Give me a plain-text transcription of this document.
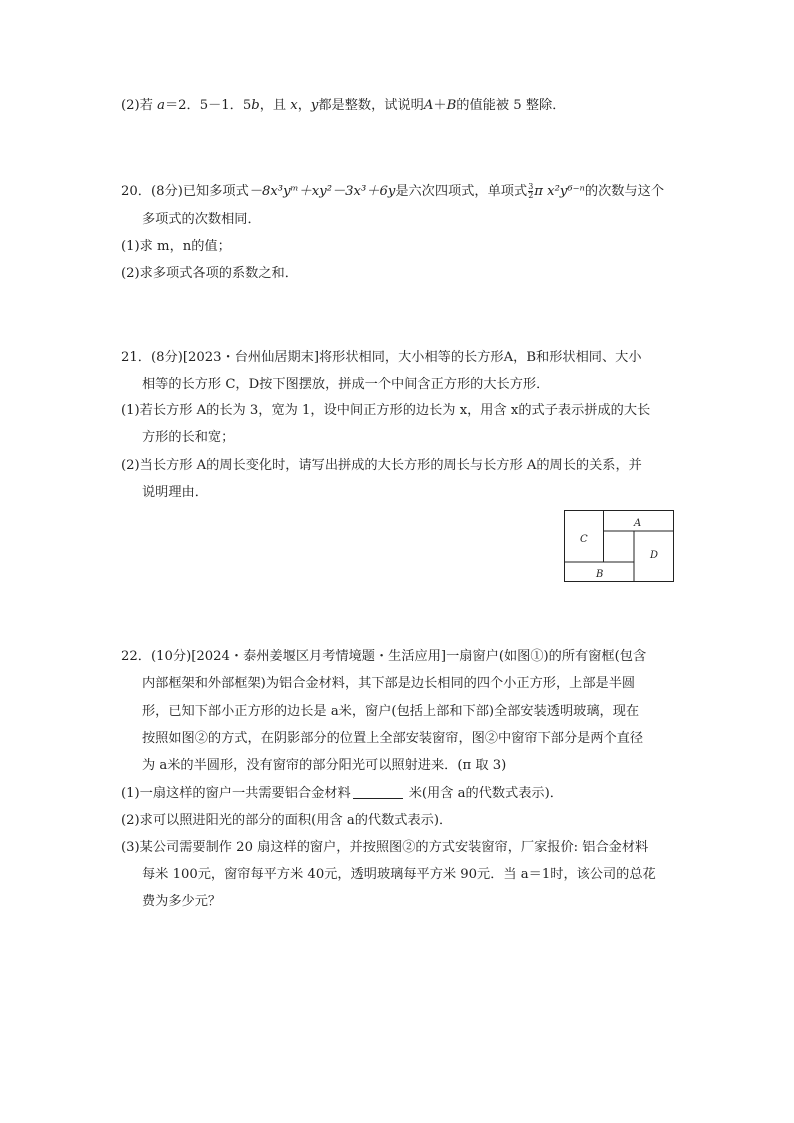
(2)若 a＝2．5－1．5b，且 x，y都是整数，试说明A＋B的值能被 5 整除．
20．(8分)已知多项式－8x³yᵐ＋xy²－3x³＋6y是六次四项式，单项式 $\frac{3}{2}$ π x²y⁶⁻ⁿ的次数与这个
多项式的次数相同．
(1)求 m，n的值；
(2)求多项式各项的系数之和．
21．(8分)[2023・台州仙居期末]将形状相同，大小相等的长方形A，B和形状相同、大小
相等的长方形 C，D按下图摆放，拼成一个中间含正方形的大长方形．
(1)若长方形 A的长为 3，宽为 1，设中间正方形的边长为 x，用含 x的式子表示拼成的大长
方形的长和宽；
(2)当长方形 A的周长变化时，请写出拼成的大长方形的周长与长方形 A的周长的关系，并
说明理由．
A
C
D
B
22．(10分)[2024・泰州姜堰区月考情境题・生活应用]一扇窗户(如图①)的所有窗框(包含
内部框架和外部框架)为铝合金材料，其下部是边长相同的四个小正方形，上部是半圆
形，已知下部小正方形的边长是 a米，窗户(包括上部和下部)全部安装透明玻璃，现在
按照如图②的方式，在阴影部分的位置上全部安装窗帘，图②中窗帘下部分是两个直径
为 a米的半圆形，没有窗帘的部分阳光可以照射进来．(π 取 3)
(1)一扇这样的窗户一共需要铝合金材料	米(用含 a的代数式表示)．
(2)求可以照进阳光的部分的面积(用含 a的代数式表示)．
(3)某公司需要制作 20 扇这样的窗户，并按照图②的方式安装窗帘，厂家报价: 铝合金材料
每米 100元，窗帘每平方米 40元，透明玻璃每平方米 90元．当 a＝1时，该公司的总花
费为多少元？
